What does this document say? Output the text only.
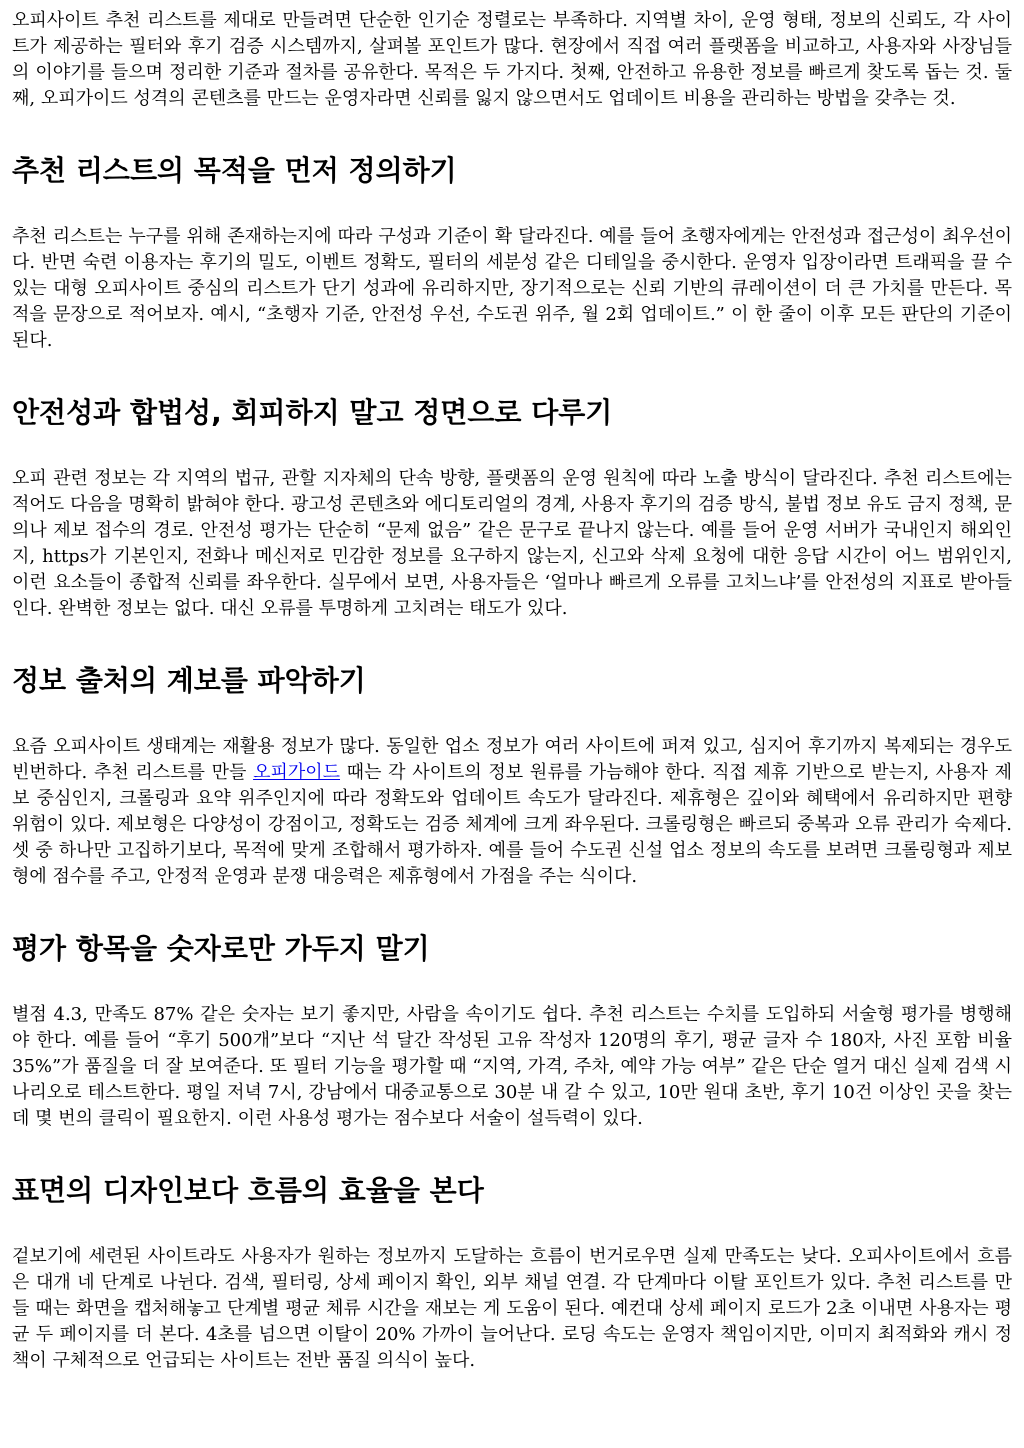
오피사이트 추천 리스트를 제대로 만들려면 단순한 인기순 정렬로는 부족하다. 지역별 차이, 운영 형태, 정보의 신뢰도, 각 사이트가 제공하는 필터와 후기 검증 시스템까지, 살펴볼 포인트가 많다. 현장에서 직접 여러 플랫폼을 비교하고, 사용자와 사장님들의 이야기를 들으며 정리한 기준과 절차를 공유한다. 목적은 두 가지다. 첫째, 안전하고 유용한 정보를 빠르게 찾도록 돕는 것. 둘째, 오피가이드 성격의 콘텐츠를 만드는 운영자라면 신뢰를 잃지 않으면서도 업데이트 비용을 관리하는 방법을 갖추는 것.

추천 리스트의 목적을 먼저 정의하기

추천 리스트는 누구를 위해 존재하는지에 따라 구성과 기준이 확 달라진다. 예를 들어 초행자에게는 안전성과 접근성이 최우선이다. 반면 숙련 이용자는 후기의 밀도, 이벤트 정확도, 필터의 세분성 같은 디테일을 중시한다. 운영자 입장이라면 트래픽을 끌 수 있는 대형 오피사이트 중심의 리스트가 단기 성과에 유리하지만, 장기적으로는 신뢰 기반의 큐레이션이 더 큰 가치를 만든다. 목적을 문장으로 적어보자. 예시, “초행자 기준, 안전성 우선, 수도권 위주, 월 2회 업데이트.” 이 한 줄이 이후 모든 판단의 기준이 된다.

안전성과 합법성, 회피하지 말고 정면으로 다루기

오피 관련 정보는 각 지역의 법규, 관할 지자체의 단속 방향, 플랫폼의 운영 원칙에 따라 노출 방식이 달라진다. 추천 리스트에는 적어도 다음을 명확히 밝혀야 한다. 광고성 콘텐츠와 에디토리얼의 경계, 사용자 후기의 검증 방식, 불법 정보 유도 금지 정책, 문의나 제보 접수의 경로. 안전성 평가는 단순히 “문제 없음” 같은 문구로 끝나지 않는다. 예를 들어 운영 서버가 국내인지 해외인지, https가 기본인지, 전화나 메신저로 민감한 정보를 요구하지 않는지, 신고와 삭제 요청에 대한 응답 시간이 어느 범위인지, 이런 요소들이 종합적 신뢰를 좌우한다. 실무에서 보면, 사용자들은 ‘얼마나 빠르게 오류를 고치느냐’를 안전성의 지표로 받아들인다. 완벽한 정보는 없다. 대신 오류를 투명하게 고치려는 태도가 있다.

정보 출처의 계보를 파악하기

요즘 오피사이트 생태계는 재활용 정보가 많다. 동일한 업소 정보가 여러 사이트에 퍼져 있고, 심지어 후기까지 복제되는 경우도 빈번하다. 추천 리스트를 만들 오피가이드 때는 각 사이트의 정보 원류를 가늠해야 한다. 직접 제휴 기반으로 받는지, 사용자 제보 중심인지, 크롤링과 요약 위주인지에 따라 정확도와 업데이트 속도가 달라진다. 제휴형은 깊이와 혜택에서 유리하지만 편향 위험이 있다. 제보형은 다양성이 강점이고, 정확도는 검증 체계에 크게 좌우된다. 크롤링형은 빠르되 중복과 오류 관리가 숙제다. 셋 중 하나만 고집하기보다, 목적에 맞게 조합해서 평가하자. 예를 들어 수도권 신설 업소 정보의 속도를 보려면 크롤링형과 제보형에 점수를 주고, 안정적 운영과 분쟁 대응력은 제휴형에서 가점을 주는 식이다.

평가 항목을 숫자로만 가두지 말기

별점 4.3, 만족도 87% 같은 숫자는 보기 좋지만, 사람을 속이기도 쉽다. 추천 리스트는 수치를 도입하되 서술형 평가를 병행해야 한다. 예를 들어 “후기 500개”보다 “지난 석 달간 작성된 고유 작성자 120명의 후기, 평균 글자 수 180자, 사진 포함 비율 35%”가 품질을 더 잘 보여준다. 또 필터 기능을 평가할 때 “지역, 가격, 주차, 예약 가능 여부” 같은 단순 열거 대신 실제 검색 시나리오로 테스트한다. 평일 저녁 7시, 강남에서 대중교통으로 30분 내 갈 수 있고, 10만 원대 초반, 후기 10건 이상인 곳을 찾는 데 몇 번의 클릭이 필요한지. 이런 사용성 평가는 점수보다 서술이 설득력이 있다.

표면의 디자인보다 흐름의 효율을 본다

겉보기에 세련된 사이트라도 사용자가 원하는 정보까지 도달하는 흐름이 번거로우면 실제 만족도는 낮다. 오피사이트에서 흐름은 대개 네 단계로 나뉜다. 검색, 필터링, 상세 페이지 확인, 외부 채널 연결. 각 단계마다 이탈 포인트가 있다. 추천 리스트를 만들 때는 화면을 캡처해놓고 단계별 평균 체류 시간을 재보는 게 도움이 된다. 예컨대 상세 페이지 로드가 2초 이내면 사용자는 평균 두 페이지를 더 본다. 4초를 넘으면 이탈이 20% 가까이 늘어난다. 로딩 속도는 운영자 책임이지만, 이미지 최적화와 캐시 정책이 구체적으로 언급되는 사이트는 전반 품질 의식이 높다.
